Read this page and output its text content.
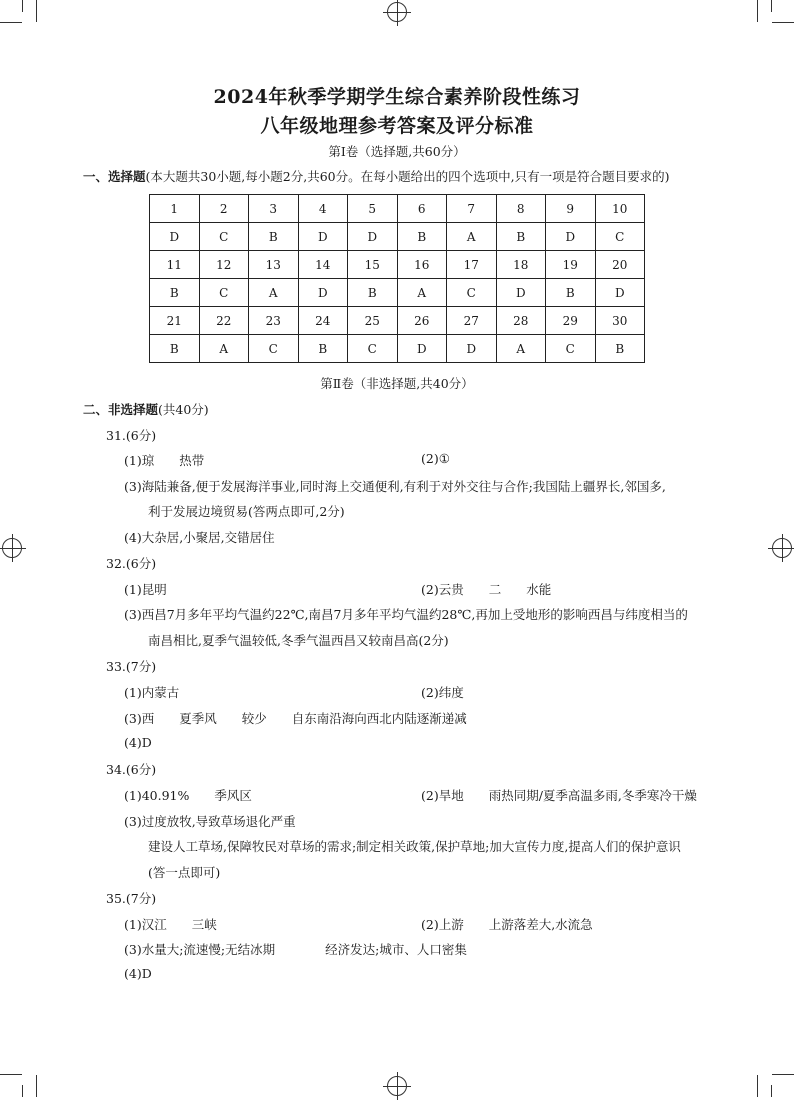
2024年秋季学期学生综合素养阶段性练习
八年级地理参考答案及评分标准
第Ⅰ卷（选择题,共60分）
一、选择题(本大题共30小题,每小题2分,共60分。在每小题给出的四个选项中,只有一项是符合题目要求的)
1	2	3	4	5	6	7	8	9	10
D	C	B	D	D	B	A	B	D	C
11	12	13	14	15	16	17	18	19	20
B	C	A	D	B	A	C	D	B	D
21	22	23	24	25	26	27	28	29	30
B	A	C	B	C	D	D	A	C	B
第Ⅱ卷（非选择题,共40分）
二、非选择题(共40分)
31.(6分)
(1)琼　　热带	(2)①
(3)海陆兼备,便于发展海洋事业,同时海上交通便利,有利于对外交往与合作;我国陆上疆界长,邻国多,
利于发展边境贸易(答两点即可,2分)
(4)大杂居,小聚居,交错居住
32.(6分)
(1)昆明	(2)云贵　　二　　水能
(3)西昌7月多年平均气温约22℃,南昌7月多年平均气温约28℃,再加上受地形的影响西昌与纬度相当的
南昌相比,夏季气温较低,冬季气温西昌又较南昌高(2分)
33.(7分)
(1)内蒙古	(2)纬度
(3)西　　夏季风　　较少　　自东南沿海向西北内陆逐渐递减
(4)D
34.(6分)
(1)40.91%　　季风区	(2)旱地　　雨热同期/夏季高温多雨,冬季寒冷干燥
(3)过度放牧,导致草场退化严重
建设人工草场,保障牧民对草场的需求;制定相关政策,保护草地;加大宣传力度,提高人们的保护意识
(答一点即可)
35.(7分)
(1)汉江　　三峡	(2)上游　　上游落差大,水流急
(3)水量大;流速慢;无结冰期　　　　经济发达;城市、人口密集
(4)D
